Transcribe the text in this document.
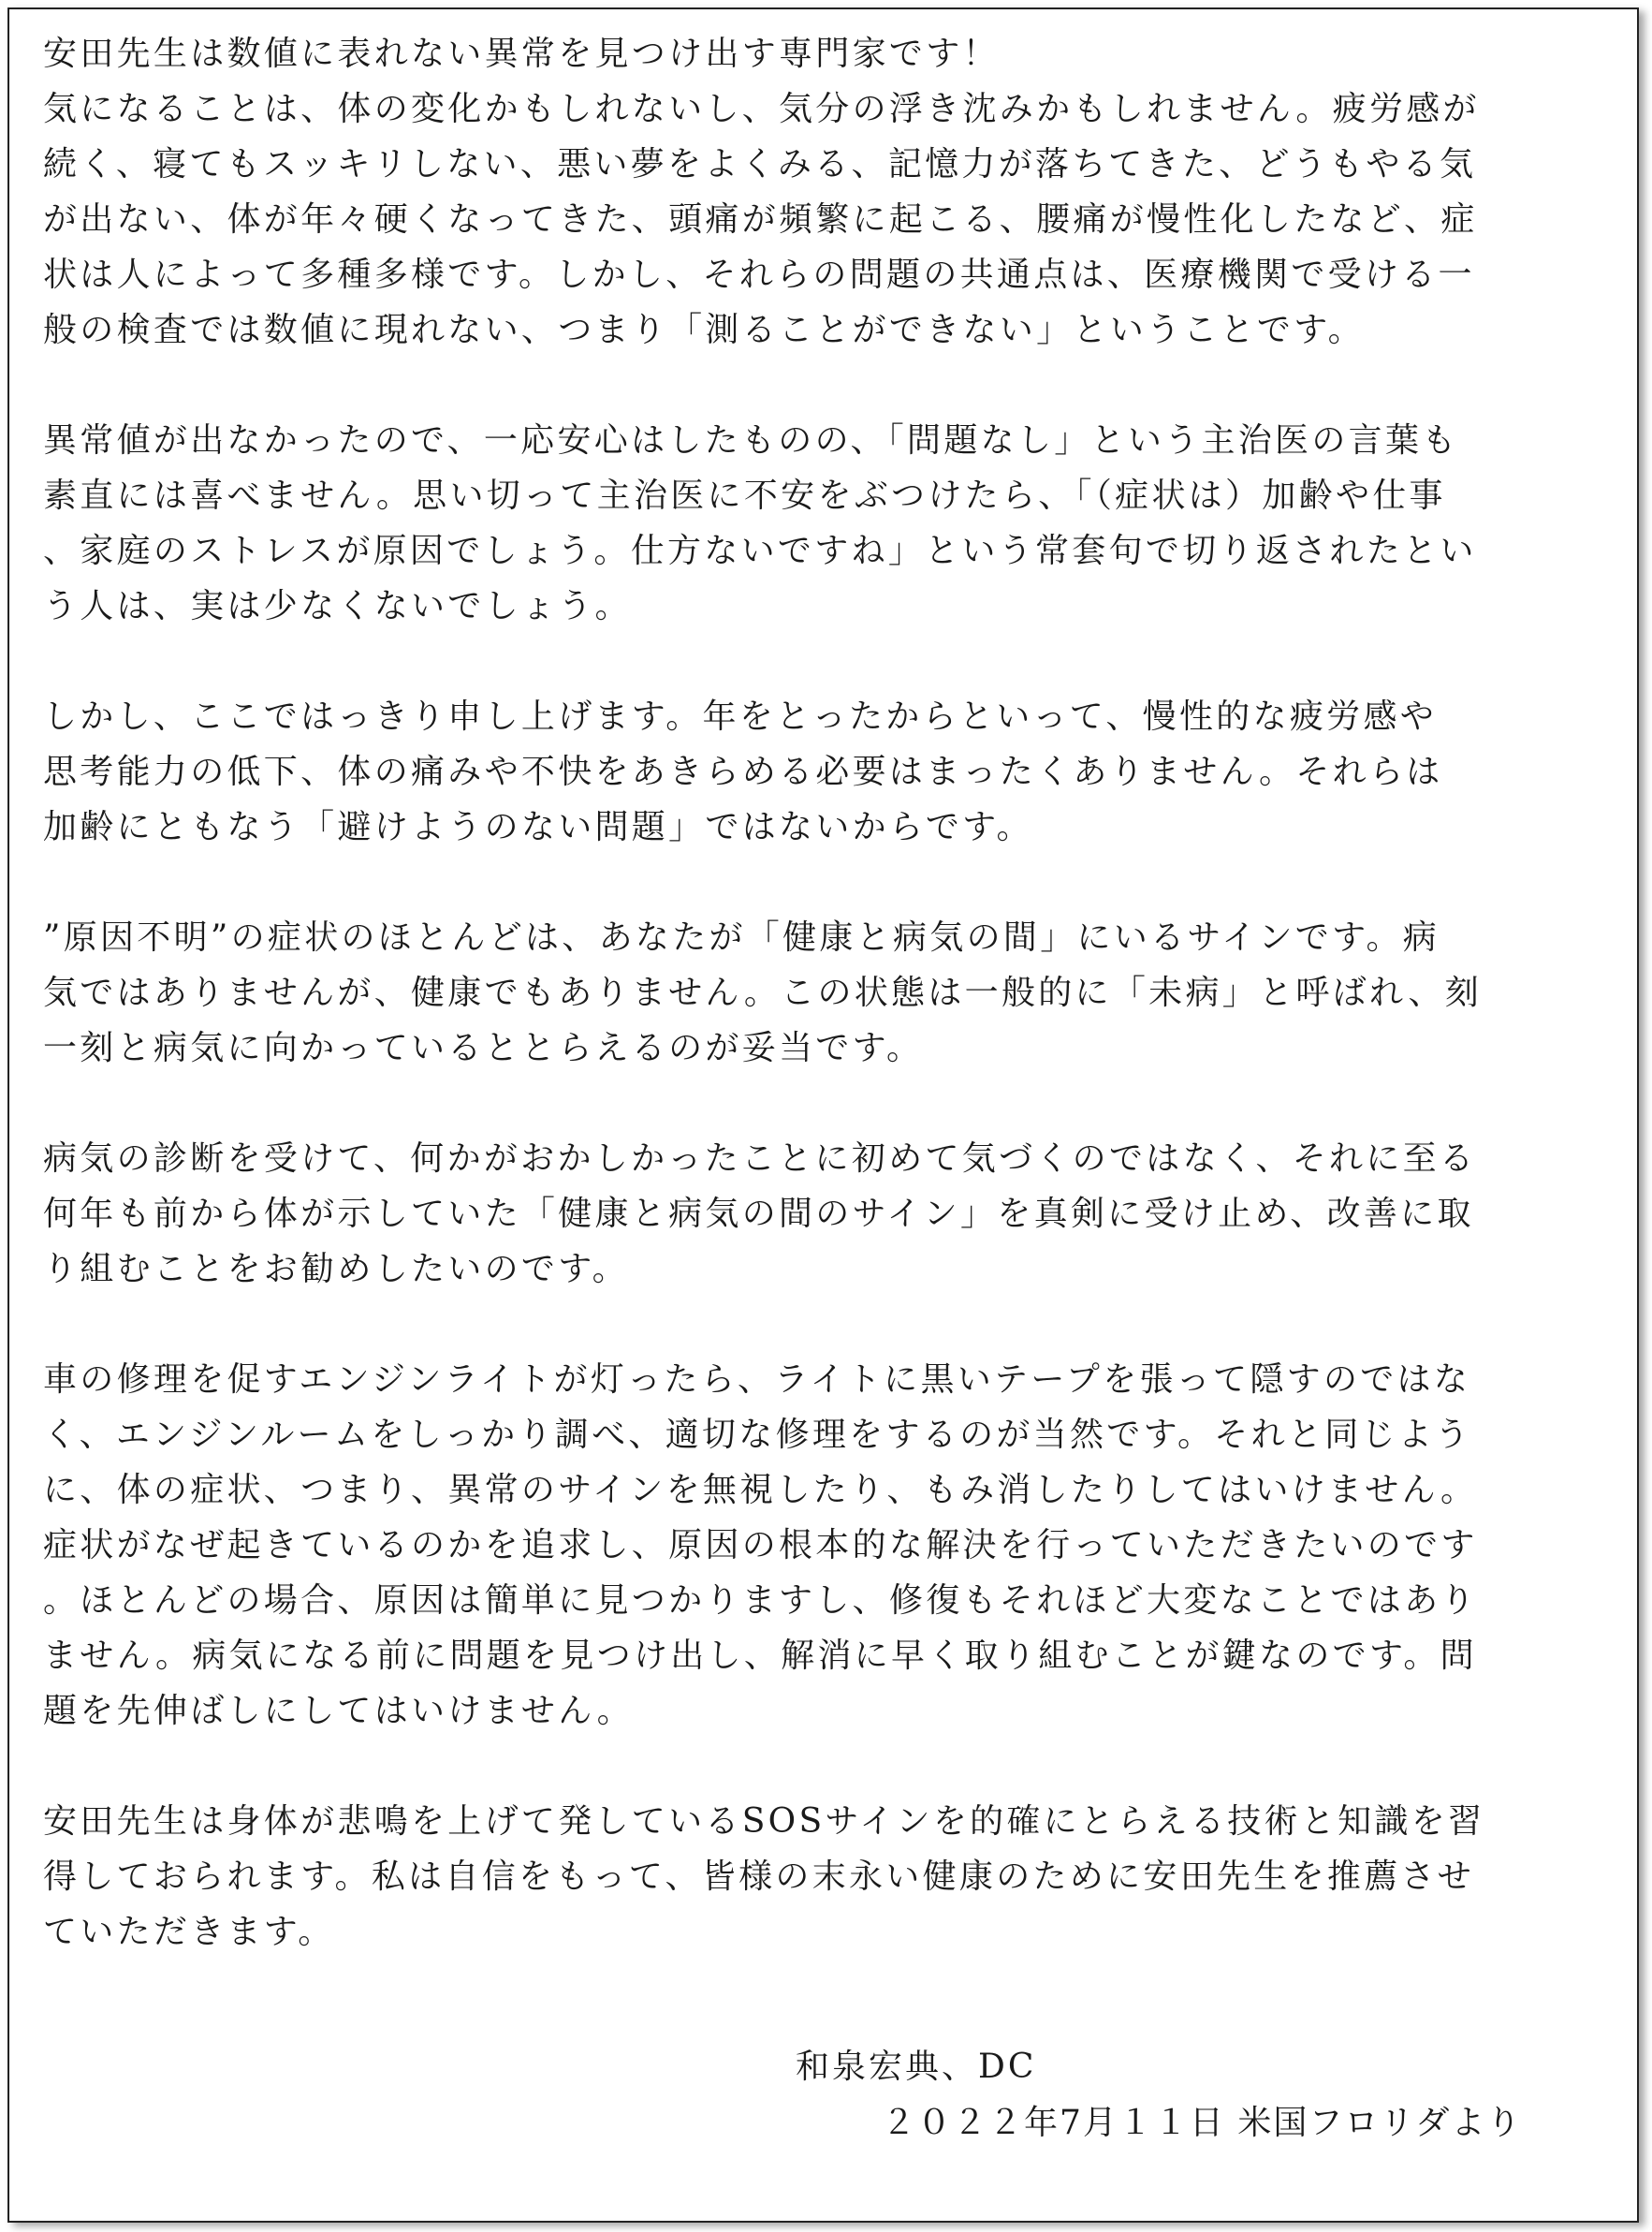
安田先生は数値に表れない異常を見つけ出す専門家です！
気になることは、体の変化かもしれないし、気分の浮き沈みかもしれません。疲労感が
続く、寝てもスッキリしない、悪い夢をよくみる、記憶力が落ちてきた、どうもやる気
が出ない、体が年々硬くなってきた、頭痛が頻繁に起こる、腰痛が慢性化したなど、症
状は人によって多種多様です。しかし、それらの問題の共通点は、医療機関で受ける一
般の検査では数値に現れない、つまり「測ることができない」ということです。
異常値が出なかったので、一応安心はしたものの、「問題なし」という主治医の言葉も
素直には喜べません。思い切って主治医に不安をぶつけたら、「（症状は）加齢や仕事
、家庭のストレスが原因でしょう。仕方ないですね」という常套句で切り返されたとい
う人は、実は少なくないでしょう。
しかし、ここではっきり申し上げます。年をとったからといって、慢性的な疲労感や
思考能力の低下、体の痛みや不快をあきらめる必要はまったくありません。それらは
加齢にともなう「避けようのない問題」ではないからです。
”原因不明”の症状のほとんどは、あなたが「健康と病気の間」にいるサインです。病
気ではありませんが、健康でもありません。この状態は一般的に「未病」と呼ばれ、刻
一刻と病気に向かっているととらえるのが妥当です。
病気の診断を受けて、何かがおかしかったことに初めて気づくのではなく、それに至る
何年も前から体が示していた「健康と病気の間のサイン」を真剣に受け止め、改善に取
り組むことをお勧めしたいのです。
車の修理を促すエンジンライトが灯ったら、ライトに黒いテープを張って隠すのではな
く、エンジンルームをしっかり調べ、適切な修理をするのが当然です。それと同じよう
に、体の症状、つまり、異常のサインを無視したり、もみ消したりしてはいけません。
症状がなぜ起きているのかを追求し、原因の根本的な解決を行っていただきたいのです
。ほとんどの場合、原因は簡単に見つかりますし、修復もそれほど大変なことではあり
ません。病気になる前に問題を見つけ出し、解消に早く取り組むことが鍵なのです。問
題を先伸ばしにしてはいけません。
安田先生は身体が悲鳴を上げて発しているSOSサインを的確にとらえる技術と知識を習
得しておられます。私は自信をもって、皆様の末永い健康のために安田先生を推薦させ
ていただきます。
和泉宏典、DC
２０２２年7月１１日 米国フロリダより
